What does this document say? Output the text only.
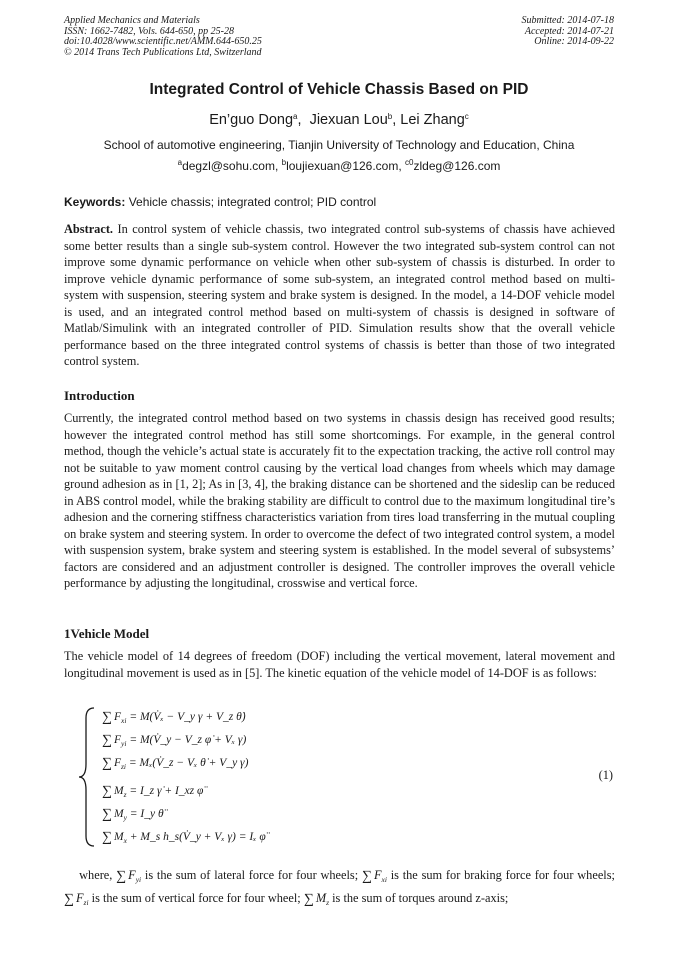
Applied Mechanics and Materials
ISSN: 1662-7482, Vols. 644-650, pp 25-28
doi:10.4028/www.scientific.net/AMM.644-650.25
© 2014 Trans Tech Publications Ltd, Switzerland
Submitted: 2014-07-18
Accepted: 2014-07-21
Online: 2014-09-22
Integrated Control of Vehicle Chassis Based on PID
En’guo Dong$^a$,  Jiexuan Lou$^b$, Lei Zhang$^c$
School of automotive engineering, Tianjin University of Technology and Education, China
$^a$degzl@sohu.com, $^b$loujiexuan@126.com, $^{c0}$zldeg@126.com
Keywords: Vehicle chassis; integrated control; PID control
Abstract. In control system of vehicle chassis, two integrated control sub-systems of chassis have achieved some better results than a single sub-system control. However the two integrated sub-system control can not improve some dynamic performance on vehicle when other sub-system of chassis is disturbed. In order to improve vehicle dynamic performance of some sub-system, an integrated control method based on multi-system with suspension, steering system and brake system is designed. In the model, a 14-DOF vehicle model is used, and an integrated control method based on multi-system of chassis is designed in software of Matlab/Simulink with an integrated controller of PID. Simulation results show that the overall vehicle performance based on the three integrated control systems of chassis is better than those of two integrated control system.
Introduction
Currently, the integrated control method based on two systems in chassis design has received good results; however the integrated control method has still some shortcomings. For example, in the general control method, though the vehicle’s actual state is accurately fit to the expectation tracking, the active roll control may not be suitable to yaw moment control causing by the vertical load changes from wheels which may damage ground adhesion as in [1, 2]; As in [3, 4], the braking distance can be shortened and the sideslip can be reduced in ABS control model, while the braking stability are difficult to control due to the maximum longitudinal tire’s adhesion and the cornering stiffness characteristics variation from tires load transferring in the mutual coupling on brake system and steering system. In order to overcome the defect of two integrated control system, a model with suspension system, brake system and steering system is established. In the model several of subsystems’ factors are considered and an adjustment controller is designed. The controller improves the overall vehicle performance by adjusting the longitudinal, crosswise and vertical force.
1Vehicle Model
The vehicle model of 14 degrees of freedom (DOF) including the vertical movement, lateral movement and longitudinal movement is used as in [5]. The kinetic equation of the vehicle model of 14-DOF is as follows:
∑ $F_{xi}$ = M(V̇ₓ − V_y γ + V_z θ̇)
∑ $F_{yi}$ = M(V̇_y − V_z φ̇ + Vₓ γ)
∑ $F_{zi}$ = Mₓ(V̇_z − Vₓ θ̇ + V_y γ)
∑ $M_z$ = I_z γ̇ + I_xz φ̈
∑ $M_y$ = I_y θ̈
∑ $M_x$ + M_s h_s(V̇_y + Vₓ γ) = Iₓ φ̈
(1)
where, ∑ $F_{yi}$ is the sum of lateral force for four wheels; ∑ $F_{xi}$ is the sum for braking force for four wheels; ∑ $F_{zi}$ is the sum of vertical force for four wheel; ∑ $M_z$ is the sum of torques around z-axis;
